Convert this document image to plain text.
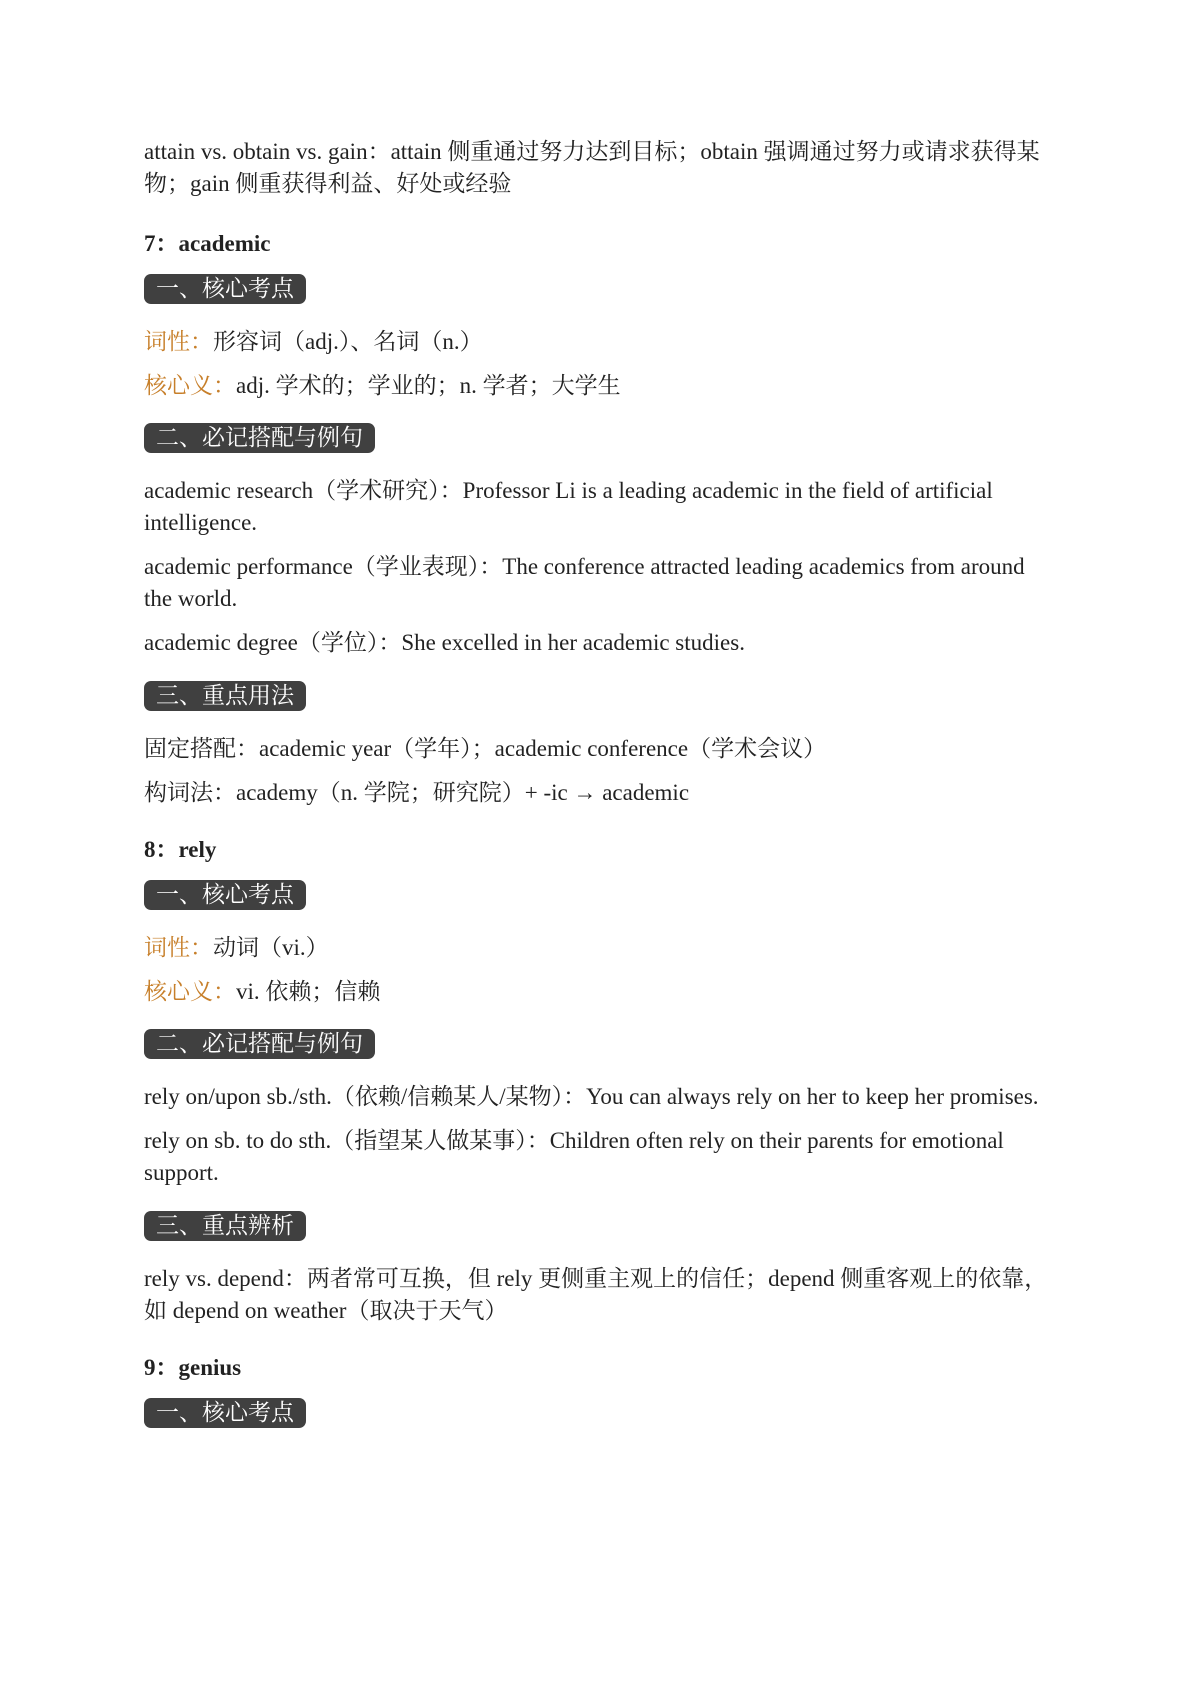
attain vs. obtain vs. gain：attain 侧重通过努力达到目标；obtain 强调通过努力或请求获得某物；gain 侧重获得利益、好处或经验

7：academic

一、核心考点

词性：形容词（adj.）、名词（n.）

核心义：adj. 学术的；学业的；n. 学者；大学生

二、必记搭配与例句

academic research（学术研究）：Professor Li is a leading academic in the field of artificial intelligence.

academic performance（学业表现）：The conference attracted leading academics from around the world.

academic degree（学位）：She excelled in her academic studies.

三、重点用法

固定搭配：academic year（学年）；academic conference（学术会议）

构词法：academy（n. 学院；研究院）+ -ic → academic

8：rely

一、核心考点

词性：动词（vi.）

核心义：vi. 依赖；信赖

二、必记搭配与例句

rely on/upon sb./sth.（依赖/信赖某人/某物）：You can always rely on her to keep her promises.

rely on sb. to do sth.（指望某人做某事）：Children often rely on their parents for emotional support.

三、重点辨析

rely vs. depend：两者常可互换，但 rely 更侧重主观上的信任；depend 侧重客观上的依靠，如 depend on weather（取决于天气）

9：genius

一、核心考点
